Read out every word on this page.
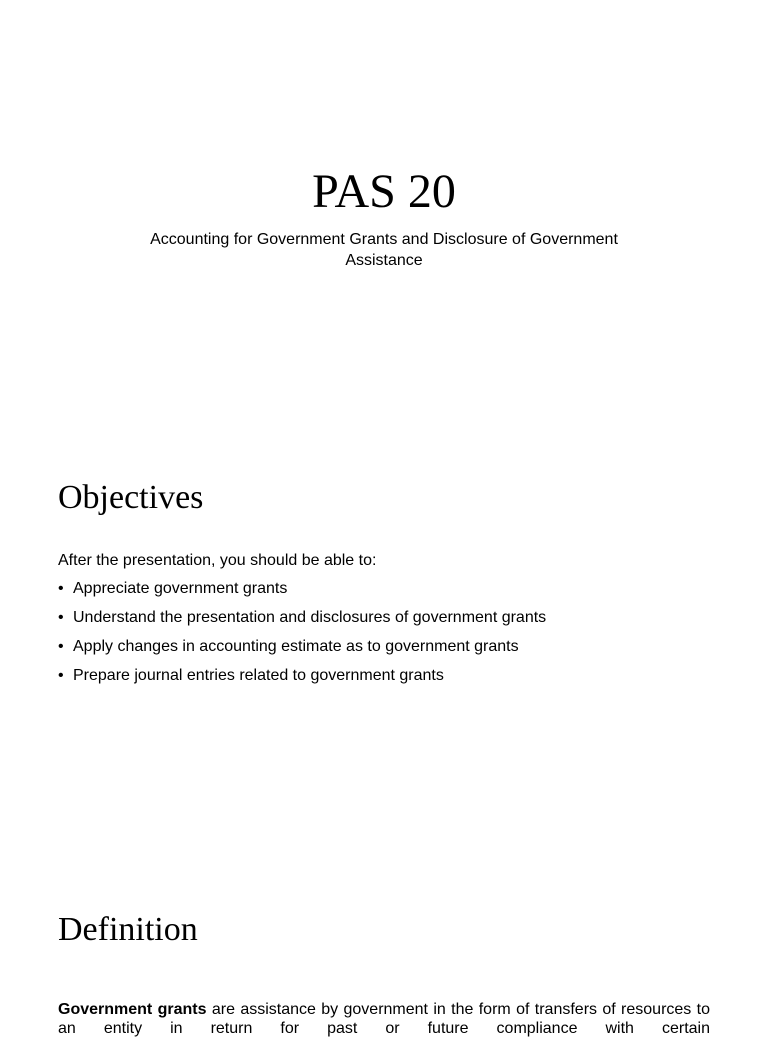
PAS 20
Accounting for Government Grants and Disclosure of Government Assistance
Objectives
After the presentation, you should be able to:
• Appreciate government grants
• Understand the presentation and disclosures of government grants
• Apply changes in accounting estimate as to government grants
• Prepare journal entries related to government grants
Definition

Government grants are assistance by government in the form of transfers of resources to an entity in return for past or future compliance with certain
